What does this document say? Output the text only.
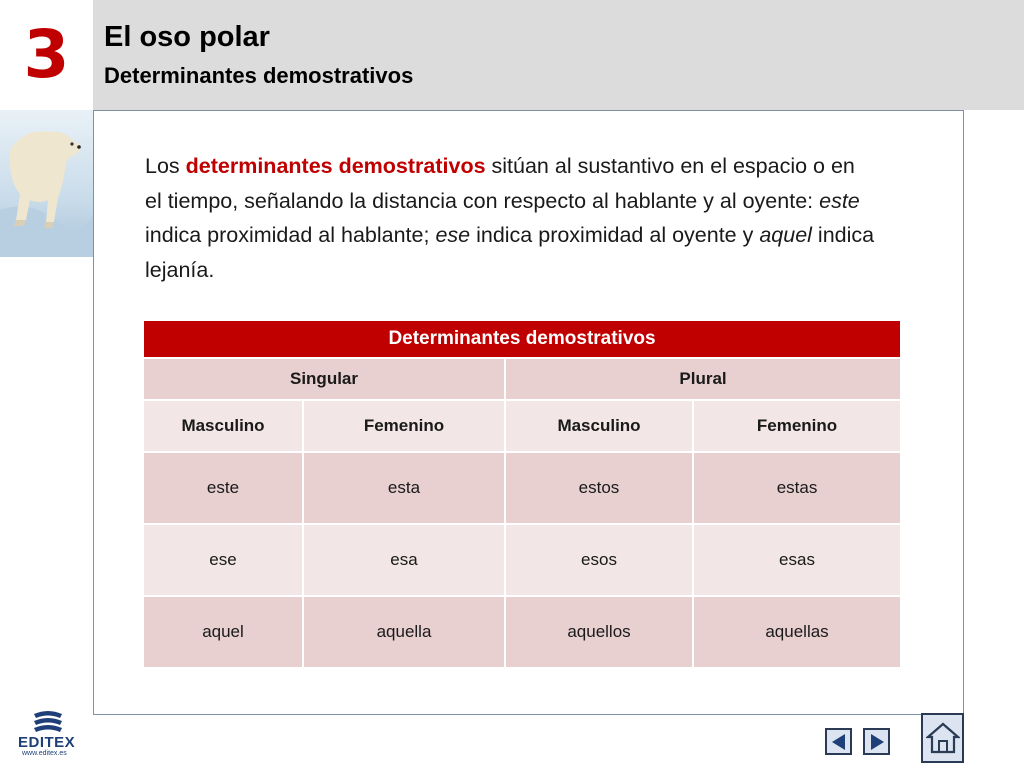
3 El oso polar
Determinantes demostrativos
Los determinantes demostrativos sitúan al sustantivo en el espacio o en el tiempo, señalando la distancia con respecto al hablante y al oyente: este indica proximidad al hablante; ese indica proximidad al oyente y aquel indica lejanía.
Determinantes demostrativos			
Singular		Plural	
Masculino	Femenino	Masculino	Femenino
este	esta	estos	estas
ese	esa	esos	esas
aquel	aquella	aquellos	aquellas
EDITEX
www.editex.es
